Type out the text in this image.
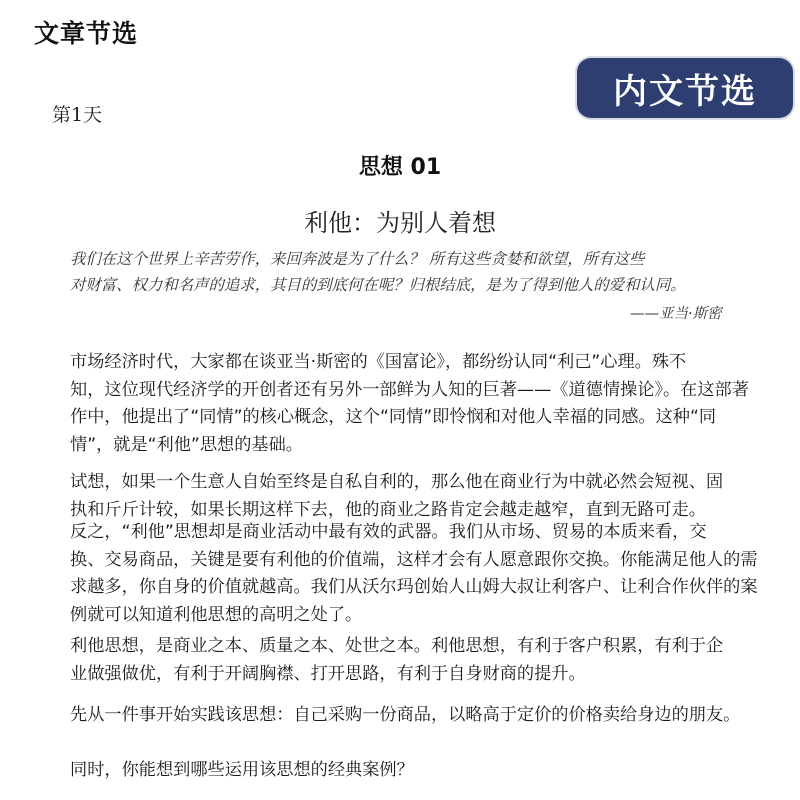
文章节选
内文节选
第1天
思想 01
利他：为别人着想
我们在这个世界上辛苦劳作，来回奔波是为了什么？ 所有这些贪婪和欲望，所有这些
对财富、权力和名声的追求，其目的到底何在呢？归根结底，是为了得到他人的爱和认同。
——亚当·斯密
市场经济时代，大家都在谈亚当·斯密的《国富论》，都纷纷认同“利己”心理。殊不
知，这位现代经济学的开创者还有另外一部鲜为人知的巨著——《道德情操论》。在这部著
作中，他提出了“同情”的核心概念，这个“同情”即怜悯和对他人幸福的同感。这种“同
情”，就是“利他”思想的基础。
试想，如果一个生意人自始至终是自私自利的，那么他在商业行为中就必然会短视、固
执和斤斤计较，如果长期这样下去，他的商业之路肯定会越走越窄，直到无路可走。
反之，“利他”思想却是商业活动中最有效的武器。我们从市场、贸易的本质来看，交
换、交易商品，关键是要有利他的价值端，这样才会有人愿意跟你交换。你能满足他人的需
求越多，你自身的价值就越高。我们从沃尔玛创始人山姆大叔让利客户、让利合作伙伴的案
例就可以知道利他思想的高明之处了。
利他思想，是商业之本、质量之本、处世之本。利他思想，有利于客户积累，有利于企
业做强做优，有利于开阔胸襟、打开思路，有利于自身财商的提升。
先从一件事开始实践该思想：自己采购一份商品，以略高于定价的价格卖给身边的朋友。
同时，你能想到哪些运用该思想的经典案例？
